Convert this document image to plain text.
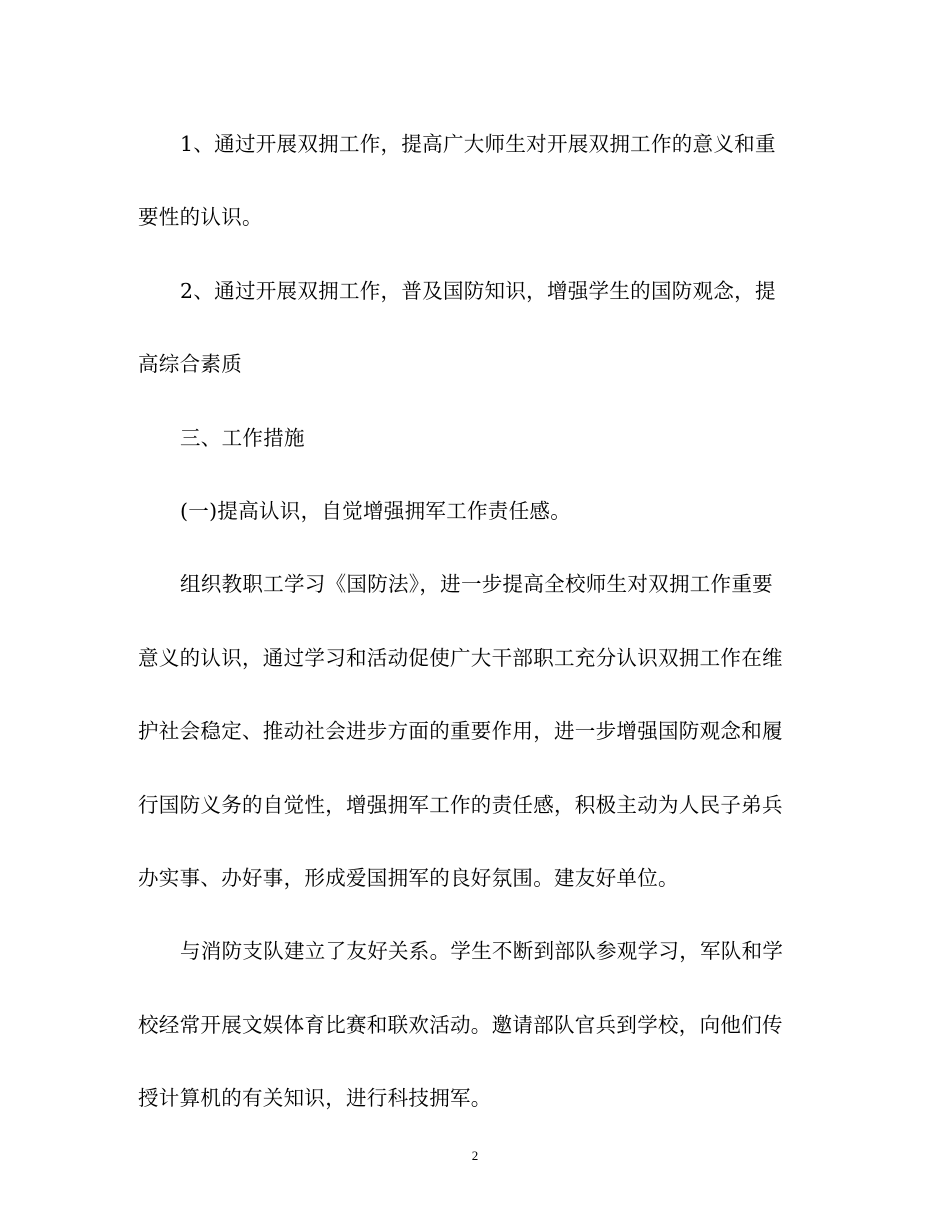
1、通过开展双拥工作，提高广大师生对开展双拥工作的意义和重
要性的认识。
2、通过开展双拥工作，普及国防知识，增强学生的国防观念，提
高综合素质
三、工作措施
(一)提高认识，自觉增强拥军工作责任感。
组织教职工学习《国防法》，进一步提高全校师生对双拥工作重要
意义的认识，通过学习和活动促使广大干部职工充分认识双拥工作在维
护社会稳定、推动社会进步方面的重要作用，进一步增强国防观念和履
行国防义务的自觉性，增强拥军工作的责任感，积极主动为人民子弟兵
办实事、办好事，形成爱国拥军的良好氛围。建友好单位。
与消防支队建立了友好关系。学生不断到部队参观学习，军队和学
校经常开展文娱体育比赛和联欢活动。邀请部队官兵到学校，向他们传
授计算机的有关知识，进行科技拥军。
2
